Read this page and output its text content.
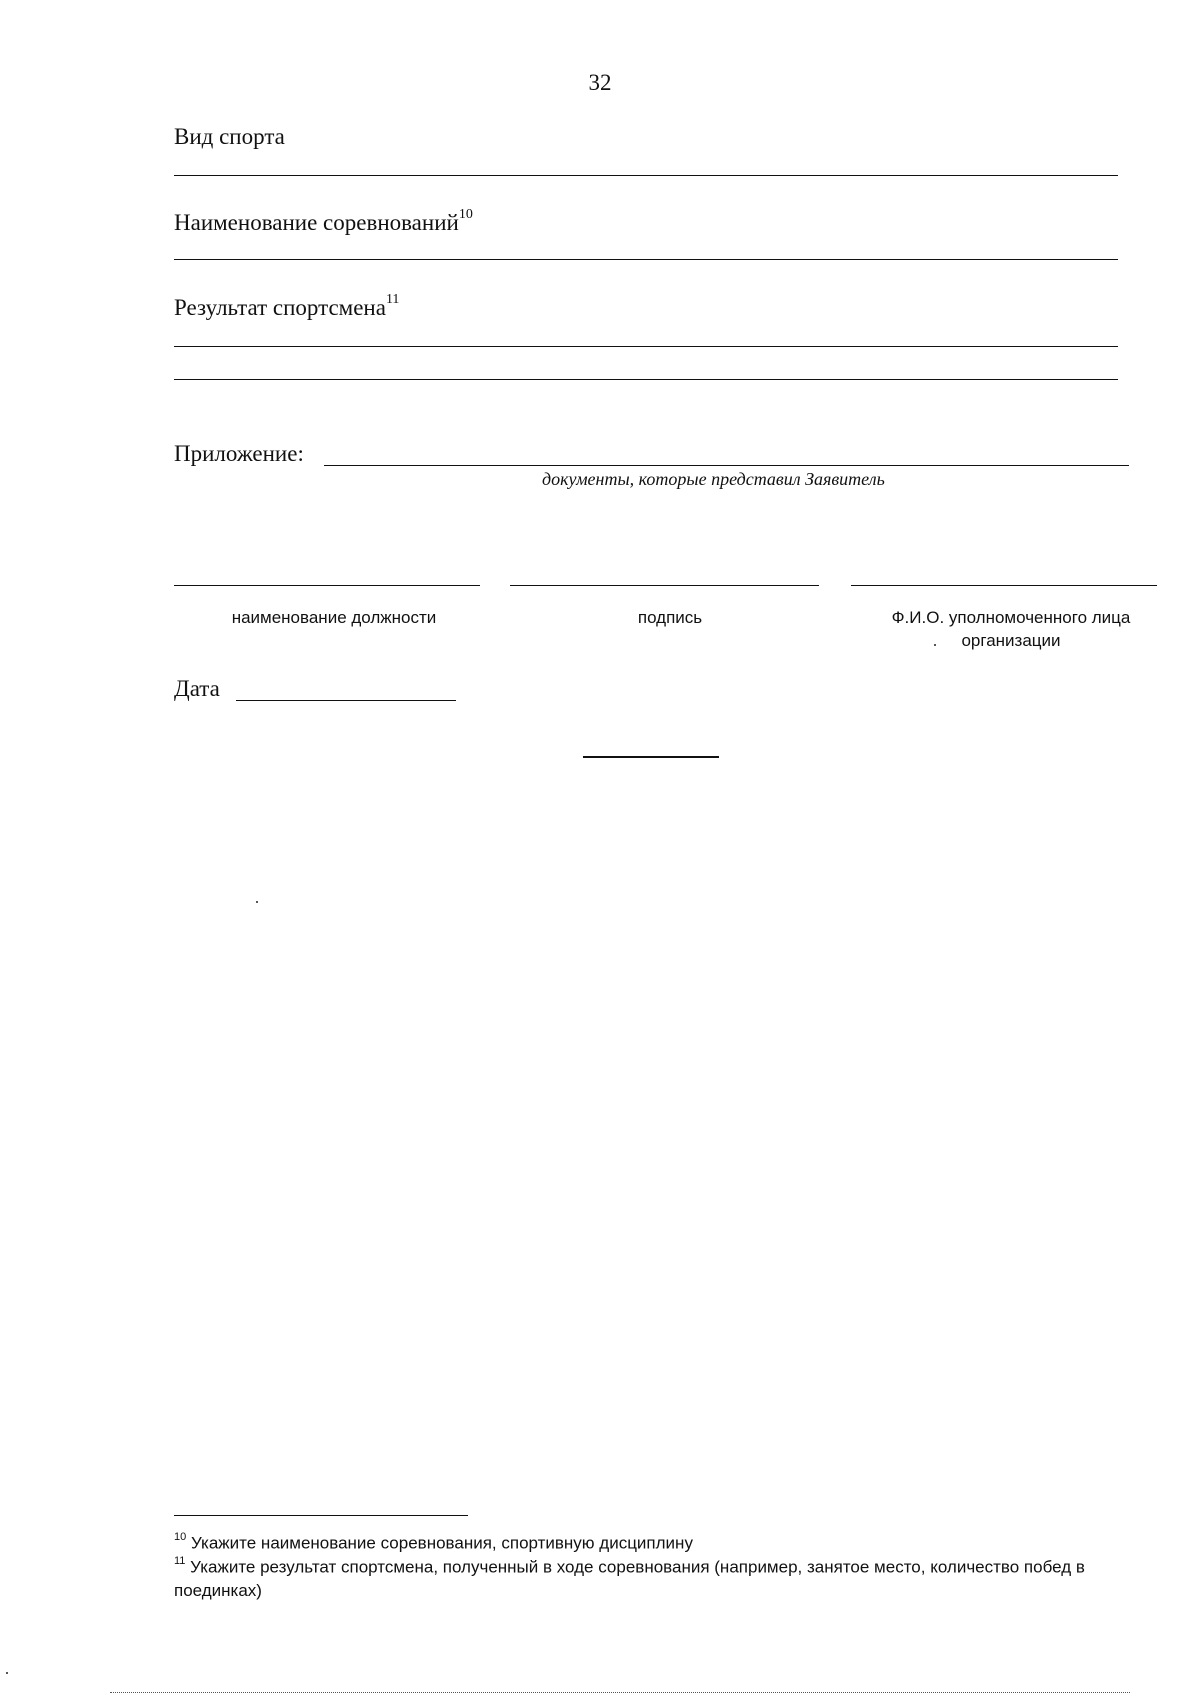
32
Вид спорта
Наименование соревнований$^{10}$
Результат спортсмена$^{11}$
Приложение:
документы, которые представил Заявитель
наименование должности	подпись	Ф.И.О. уполномоченного лица
организации
Дата
$^{10}$ Укажите наименование соревнования, спортивную дисциплину
$^{11}$ Укажите результат спортсмена, полученный в ходе соревнования (например, занятое место, количество побед в поединках)
